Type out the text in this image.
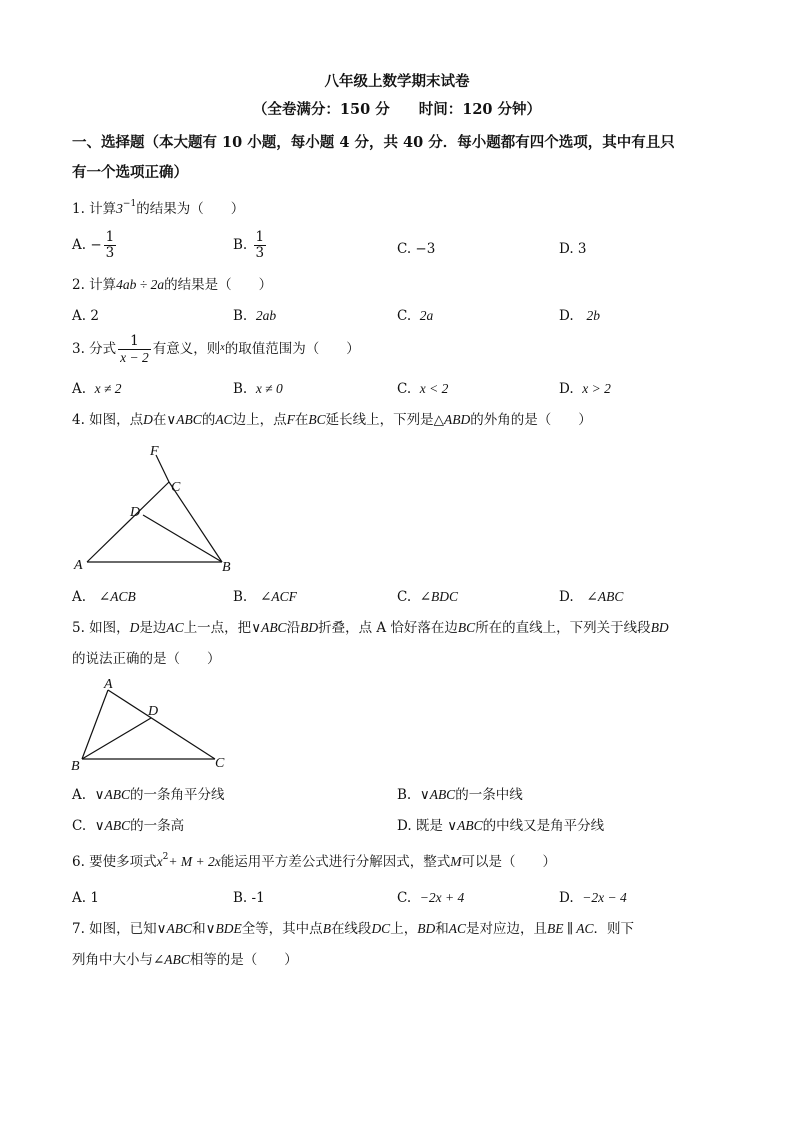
八年级上数学期末试卷
（全卷满分：150 分　　时间：120 分钟）
一、选择题（本大题有 10 小题，每小题 4 分，共 40 分．每小题都有四个选项，其中有且只
有一个选项正确）
1. 计算$3^{-1}$的结果为（　　）
A. − $\frac{1}{3}$	B. $\frac{1}{3}$	C. −3	D. 3
2. 计算4ab ÷ 2a的结果是（　　）
A. 2	B. 2ab	C. 2a	D. 2b
3. 分式 $\frac{1}{x - 2}$ 有意义，则$^x$的取值范围为（　　）
A. x ≠ 2	B. x ≠ 0	C. x < 2	D. x > 2
4. 如图，点D在∨ABC的AC边上，点F在BC延长线上，下列是△ABD的外角的是（　　）
F
C
D
A	B
A. ∠ACB	B. ∠ACF	C. ∠BDC	D. ∠ABC
5. 如图，D是边AC上一点，把∨ABC沿BD折叠，点 A 恰好落在边BC所在的直线上，下列关于线段BD
的说法正确的是（　　）
A
D
B	C
A. ∨ABC的一条角平分线	B. ∨ABC的一条中线
C. ∨ABC的一条高	D. 既是 ∨ABC的中线又是角平分线
6. 要使多项式$x^2+ M + 2x$能运用平方差公式进行分解因式，整式M可以是（　　）
A. 1	B. -1	C. −2x + 4	D. −2x − 4
7. 如图，已知∨ABC和∨BDE全等，其中点B在线段DC上，BD和AC是对应边，且BE ∥ AC．则下
列角中大小与∠ABC相等的是（　　）
